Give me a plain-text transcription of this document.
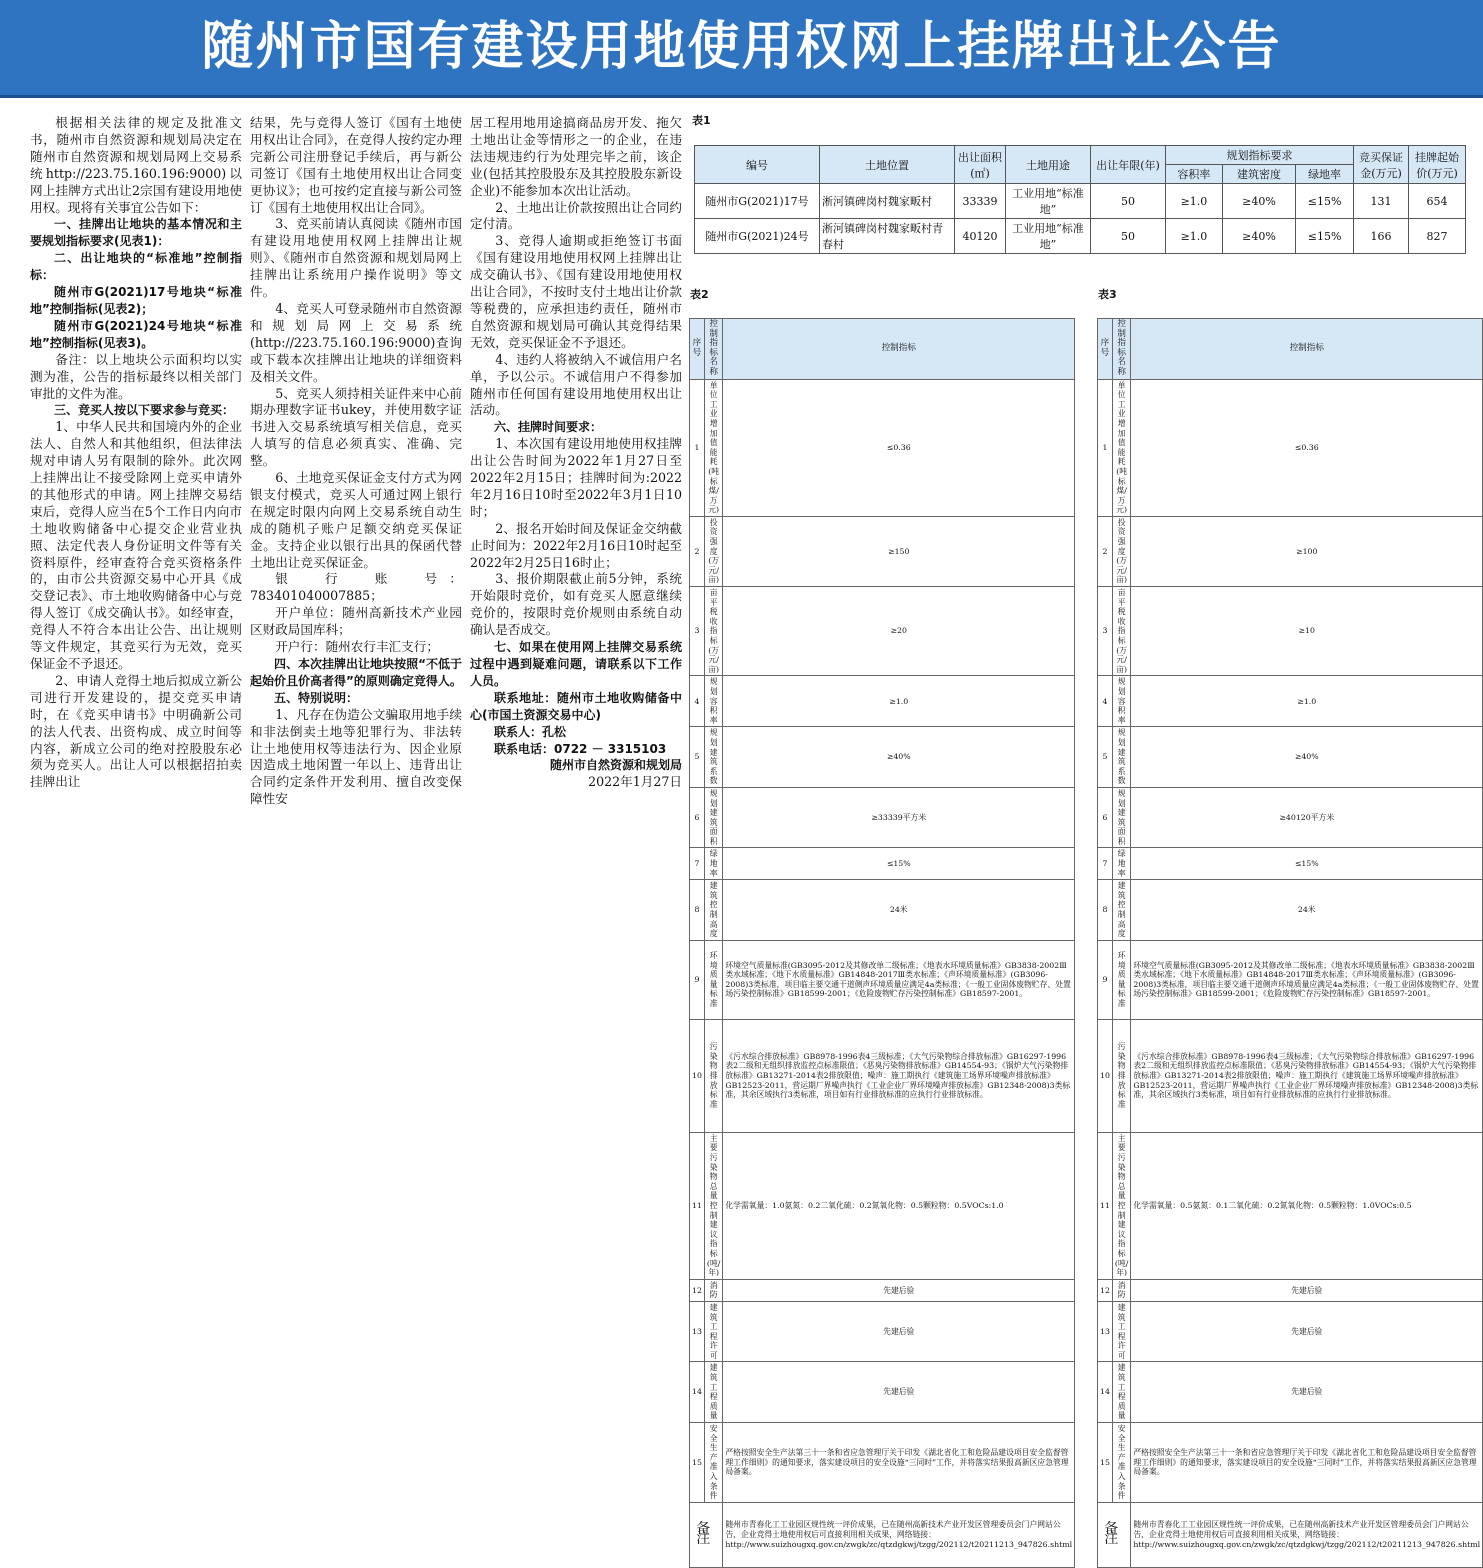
随州市国有建设用地使用权网上挂牌出让公告

根据相关法律的规定及批准文书，随州市自然资源和规划局决定在随州市自然资源和规划局网上交易系统http://223.75.160.196:9000)以网上挂牌方式出让2宗国有建设用地使用权。现将有关事宜公告如下：

一、挂牌出让地块的基本情况和主要规划指标要求(见表1)：

二、出让地块的“标准地”控制指标：

随州市G(2021)17号地块“标准地”控制指标(见表2)；

随州市G(2021)24号地块“标准地”控制指标(见表3)。

备注：以上地块公示面积均以实测为准，公告的指标最终以相关部门审批的文件为准。

三、竞买人按以下要求参与竞买：

1、中华人民共和国境内外的企业法人、自然人和其他组织，但法律法规对申请人另有限制的除外。此次网上挂牌出让不接受除网上竞买申请外的其他形式的申请。网上挂牌交易结束后，竞得人应当在5个工作日内向市土地收购储备中心提交企业营业执照、法定代表人身份证明文件等有关资料原件，经审查符合竞买资格条件的，由市公共资源交易中心开具《成交登记表》、市土地收购储备中心与竞得人签订《成交确认书》。如经审查，竞得人不符合本出让公告、出让规则等文件规定，其竞买行为无效，竞买保证金不予退还。

2、申请人竞得土地后拟成立新公司进行开发建设的，提交竞买申请时，在《竞买申请书》中明确新公司的法人代表、出资构成、成立时间等内容，新成立公司的绝对控股股东必须为竞买人。出让人可以根据招拍卖挂牌出让

结果，先与竞得人签订《国有土地使用权出让合同》，在竞得人按约定办理完新公司注册登记手续后，再与新公司签订《国有土地使用权出让合同变更协议》；也可按约定直接与新公司签订《国有土地使用权出让合同》。

3、竞买前请认真阅读《随州市国有建设用地使用权网上挂牌出让规则》、《随州市自然资源和规划局网上挂牌出让系统用户操作说明》等文件。

4、竞买人可登录随州市自然资源和规划局网上交易系统(http://223.75.160.196:9000)查询或下载本次挂牌出让地块的详细资料及相关文件。

5、竞买人须持相关证件来中心前期办理数字证书ukey，并使用数字证书进入交易系统填写相关信息，竞买人填写的信息必须真实、准确、完整。

6、土地竞买保证金支付方式为网银支付模式，竞买人可通过网上银行在规定时限内向网上交易系统自动生成的随机子账户足额交纳竞买保证金。支持企业以银行出具的保函代替土地出让竞买保证金。

银　行　账　号：783401040007885；

开户单位：随州高新技术产业园区财政局国库科；

开户行：随州农行丰汇支行；

四、本次挂牌出让地块按照“不低于起始价且价高者得”的原则确定竞得人。

五、特别说明：

1、凡存在伪造公文骗取用地手续和非法倒卖土地等犯罪行为、非法转让土地使用权等违法行为、因企业原因造成土地闲置一年以上、违背出让合同约定条件开发利用、擅自改变保障性安

居工程用地用途搞商品房开发、拖欠土地出让金等情形之一的企业，在违法违规违约行为处理完毕之前，该企业(包括其控股股东及其控股股东新设企业)不能参加本次出让活动。

2、土地出让价款按照出让合同约定付清。

3、竞得人逾期或拒绝签订书面《国有建设用地使用权网上挂牌出让成交确认书》、《国有建设用地使用权出让合同》，不按时支付土地出让价款等税费的，应承担违约责任，随州市自然资源和规划局可确认其竞得结果无效，竞买保证金不予退还。

4、违约人将被纳入不诚信用户名单，予以公示。不诚信用户不得参加随州市任何国有建设用地使用权出让活动。

六、挂牌时间要求：

1、本次国有建设用地使用权挂牌出让公告时间为2022年1月27日至2022年2月15日；挂牌时间为:2022年2月16日10时至2022年3月1日10时；

2、报名开始时间及保证金交纳截止时间为：2022年2月16日10时起至2022年2月25日16时止；

3、报价期限截止前5分钟，系统开始限时竞价，如有竞买人愿意继续竞价的，按限时竞价规则由系统自动确认是否成交。

七、如果在使用网上挂牌交易系统过程中遇到疑难问题，请联系以下工作人员。

联系地址：随州市土地收购储备中心(市国土资源交易中心)

联系人：孔松

联系电话：0722 － 3315103

随州市自然资源和规划局

2022年1月27日

表1
编号	土地位置	出让面积(㎡)	土地用途	出让年限(年)	规划指标要求			竞买保证金(万元)	挂牌起始价(万元)
					容积率	建筑密度	绿地率		
随州市G(2021)17号	淅河镇碑岗村魏家畈村	33339	工业用地“标准地”	50	≥1.0	≥40%	≤15%	131	654
随州市G(2021)24号	淅河镇碑岗村魏家畈村青春村	40120	工业用地“标准地”	50	≥1.0	≥40%	≤15%	166	827
表2	表3
序号	控制指标名称	控制指标
1	单位工业增加值能耗(吨标煤/万元)	≤0.36
2	投资强度(万元/亩)	≥150
3	亩平税收指标(万元/亩)	≥20
4	规划容积率	≥1.0
5	规划建筑系数	≥40%
6	规划建筑面积	≥33339平方米
7	绿地率	≤15%
8	建筑控制高度	24米
9	环境质量标准	环境空气质量标准(GB3095-2012及其修改单二级标准；《地表水环境质量标准》GB3838-2002Ⅲ类水域标准；《地下水质量标准》GB14848-2017Ⅲ类水标准；《声环境质量标准》(GB3096-2008)3类标准，项目临主要交通干道侧声环境质量应满足4a类标准；《一般工业固体废物贮存、处置场污染控制标准》GB18599-2001；《危险废物贮存污染控制标准》GB18597-2001。
10	污染物排放标准	《污水综合排放标准》GB8978-1996表4三级标准；《大气污染物综合排放标准》GB16297-1996表2二级和无组织排放监控点标准限值；《恶臭污染物排放标准》GB14554-93；《锅炉大气污染物排放标准》GB13271-2014表2排放限值；噪声：施工期执行《建筑施工场界环境噪声排放标准》GB12523-2011，营运期厂界噪声执行《工业企业厂界环境噪声排放标准》GB12348-2008)3类标准，其余区域执行3类标准，项目如有行业排放标准的应执行行业排放标准。
11	主要污染物总量控制建议指标(吨/年)	化学需氧量：1.0氨氮：0.2二氧化硫：0.2氮氧化物：0.5颗粒物：0.5VOCs:1.0
12	消防	先建后验
13	建筑工程许可	先建后验
14	建筑工程质量	先建后验
15	安全生产准入条件	严格按照安全生产法第三十一条和省应急管理厅关于印发《湖北省化工和危险品建设项目安全监督管理工作细则》的通知要求，落实建设项目的安全设施“三同时”工作，并将落实结果报高新区应急管理局备案。
备注		随州市青春化工工业园区规性统一评价成果，已在随州高新技术产业开发区管理委员会门户网站公告，企业竞得土地使用权后可直接利用相关成果，网络链接：http://www.suizhougxq.gov.cn/zwgk/zc/qtzdgkwj/tzgg/202112/t20211213_947826.shtml
序号	控制指标名称	控制指标
1	单位工业增加值能耗(吨标煤/万元)	≤0.36
2	投资强度(万元/亩)	≥100
3	亩平税收指标(万元/亩)	≥10
4	规划容积率	≥1.0
5	规划建筑系数	≥40%
6	规划建筑面积	≥40120平方米
7	绿地率	≤15%
8	建筑控制高度	24米
9	环境质量标准	环境空气质量标准(GB3095-2012及其修改单二级标准；《地表水环境质量标准》GB3838-2002Ⅲ类水域标准；《地下水质量标准》GB14848-2017Ⅲ类水标准；《声环境质量标准》(GB3096-2008)3类标准，项目临主要交通干道侧声环境质量应满足4a类标准；《一般工业固体废物贮存、处置场污染控制标准》GB18599-2001；《危险废物贮存污染控制标准》GB18597-2001。
10	污染物排放标准	《污水综合排放标准》GB8978-1996表4三级标准；《大气污染物综合排放标准》GB16297-1996表2二级和无组织排放监控点标准限值；《恶臭污染物排放标准》GB14554-93；《锅炉大气污染物排放标准》GB13271-2014表2排放限值；噪声：施工期执行《建筑施工场界环境噪声排放标准》GB12523-2011，营运期厂界噪声执行《工业企业厂界环境噪声排放标准》GB12348-2008)3类标准，其余区域执行3类标准，项目如有行业排放标准的应执行行业排放标准。
11	主要污染物总量控制建议指标(吨/年)	化学需氧量：0.5氨氮：0.1二氧化硫：0.2氮氧化物：0.5颗粒物：1.0VOCs:0.5
12	消防	先建后验
13	建筑工程许可	先建后验
14	建筑工程质量	先建后验
15	安全生产准入条件	严格按照安全生产法第三十一条和省应急管理厅关于印发《湖北省化工和危险品建设项目安全监督管理工作细则》的通知要求，落实建设项目的安全设施“三同时”工作，并将落实结果报高新区应急管理局备案。
备注		随州市青春化工工业园区规性统一评价成果，已在随州高新技术产业开发区管理委员会门户网站公告，企业竞得土地使用权后可直接利用相关成果，网络链接：http://www.suizhougxq.gov.cn/zwgk/zc/qtzdgkwj/tzgg/202112/t20211213_947826.shtml
